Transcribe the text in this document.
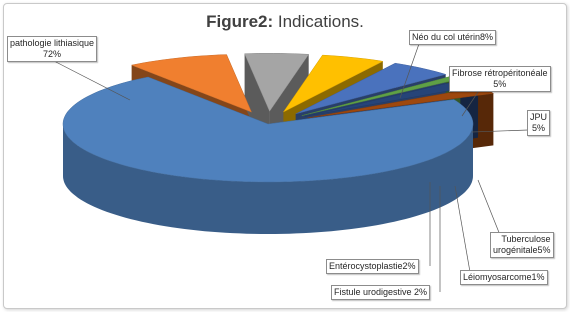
Figure2: Indications.
pathologie lithiasique
72%
Néo du col utérin8%
Fibrose rétropéritonéale
5%
JPU
5%
Tuberculose
urogénitale5%
Léiomyosarcome1%
Fistule urodigestive 2%
Entérocystoplastie2%
